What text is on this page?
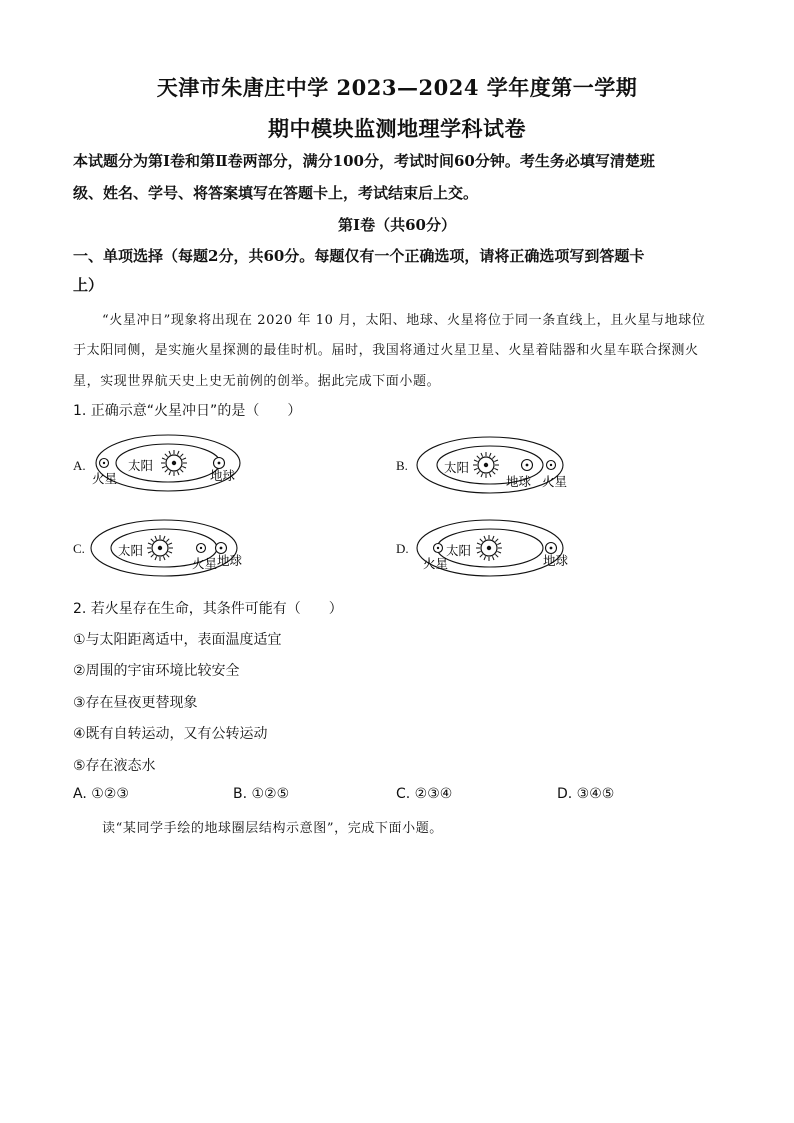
天津市朱唐庄中学 2023—2024 学年度第一学期
期中模块监测地理学科试卷
本试题分为第Ⅰ卷和第Ⅱ卷两部分，满分100分，考试时间60分钟。考生务必填写清楚班
级、姓名、学号、将答案填写在答题卡上，考试结束后上交。
第Ⅰ卷（共60分）
一、单项选择（每题2分，共60分。每题仅有一个正确选项，请将正确选项写到答题卡
上）
“火星冲日”现象将出现在 2020 年 10 月，太阳、地球、火星将位于同一条直线上，且火星与地球位
于太阳同侧，是实施火星探测的最佳时机。届时，我国将通过火星卫星、火星着陆器和火星车联合探测火
星，实现世界航天史上史无前例的创举。据此完成下面小题。
1. 正确示意“火星冲日”的是（　　）
A.	太阳
火星	地球
B.	太阳
地球 火星
C.	太阳
火星 地球
D.	太阳
火星	地球
2. 若火星存在生命，其条件可能有（　　）
①与太阳距离适中，表面温度适宜
②周围的宇宙环境比较安全
③存在昼夜更替现象
④既有自转运动，又有公转运动
⑤存在液态水
A. ①②③	B. ①②⑤	C. ②③④	D. ③④⑤
读“某同学手绘的地球圈层结构示意图”，完成下面小题。
